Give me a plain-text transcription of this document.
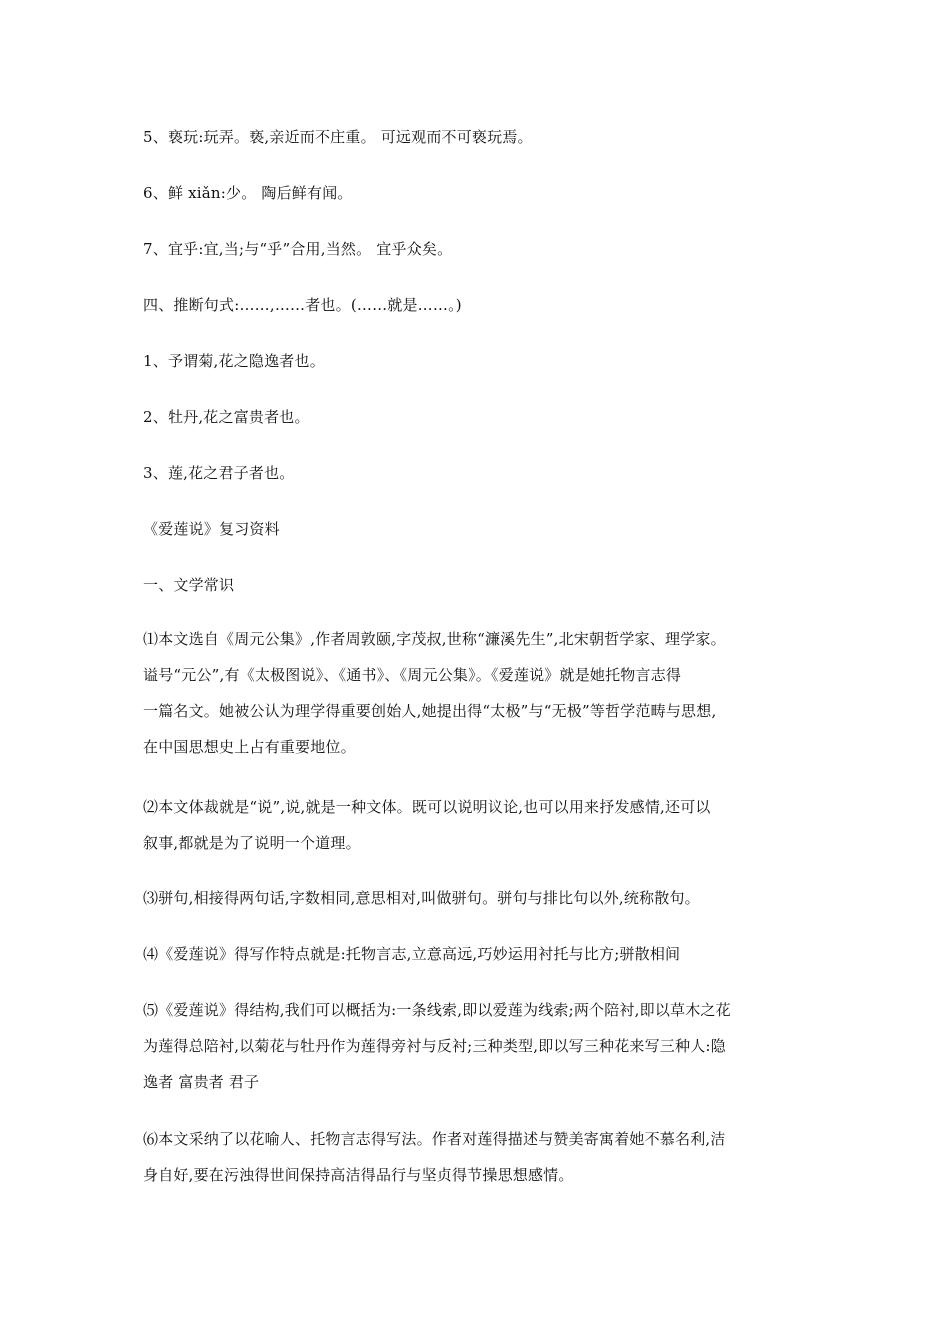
5、亵玩:玩弄。亵,亲近而不庄重。 可远观而不可亵玩焉。
6、鲜 xiǎn:少。 陶后鲜有闻。
7、宜乎:宜,当;与“乎”合用,当然。 宜乎众矣。
四、推断句式:……,……者也。(……就是……。)
1、予谓菊,花之隐逸者也。
2、牡丹,花之富贵者也。
3、莲,花之君子者也。
《爱莲说》复习资料
一、文学常识
⑴本文选自《周元公集》,作者周敦颐,字茂叔,世称“濂溪先生”,北宋朝哲学家、理学家。
谥号“元公”,有《太极图说》、《通书》、《周元公集》。《爱莲说》就是她托物言志得
一篇名文。她被公认为理学得重要创始人,她提出得“太极”与“无极”等哲学范畴与思想,
在中国思想史上占有重要地位。
⑵本文体裁就是“说”,说,就是一种文体。既可以说明议论,也可以用来抒发感情,还可以
叙事,都就是为了说明一个道理。
⑶骈句,相接得两句话,字数相同,意思相对,叫做骈句。骈句与排比句以外,统称散句。
⑷《爱莲说》得写作特点就是:托物言志,立意高远,巧妙运用衬托与比方;骈散相间
⑸《爱莲说》得结构,我们可以概括为:一条线索,即以爱莲为线索;两个陪衬,即以草木之花
为莲得总陪衬,以菊花与牡丹作为莲得旁衬与反衬;三种类型,即以写三种花来写三种人:隐
逸者 富贵者 君子
⑹本文采纳了以花喻人、托物言志得写法。作者对莲得描述与赞美寄寓着她不慕名利,洁
身自好,要在污浊得世间保持高洁得品行与坚贞得节操思想感情。
